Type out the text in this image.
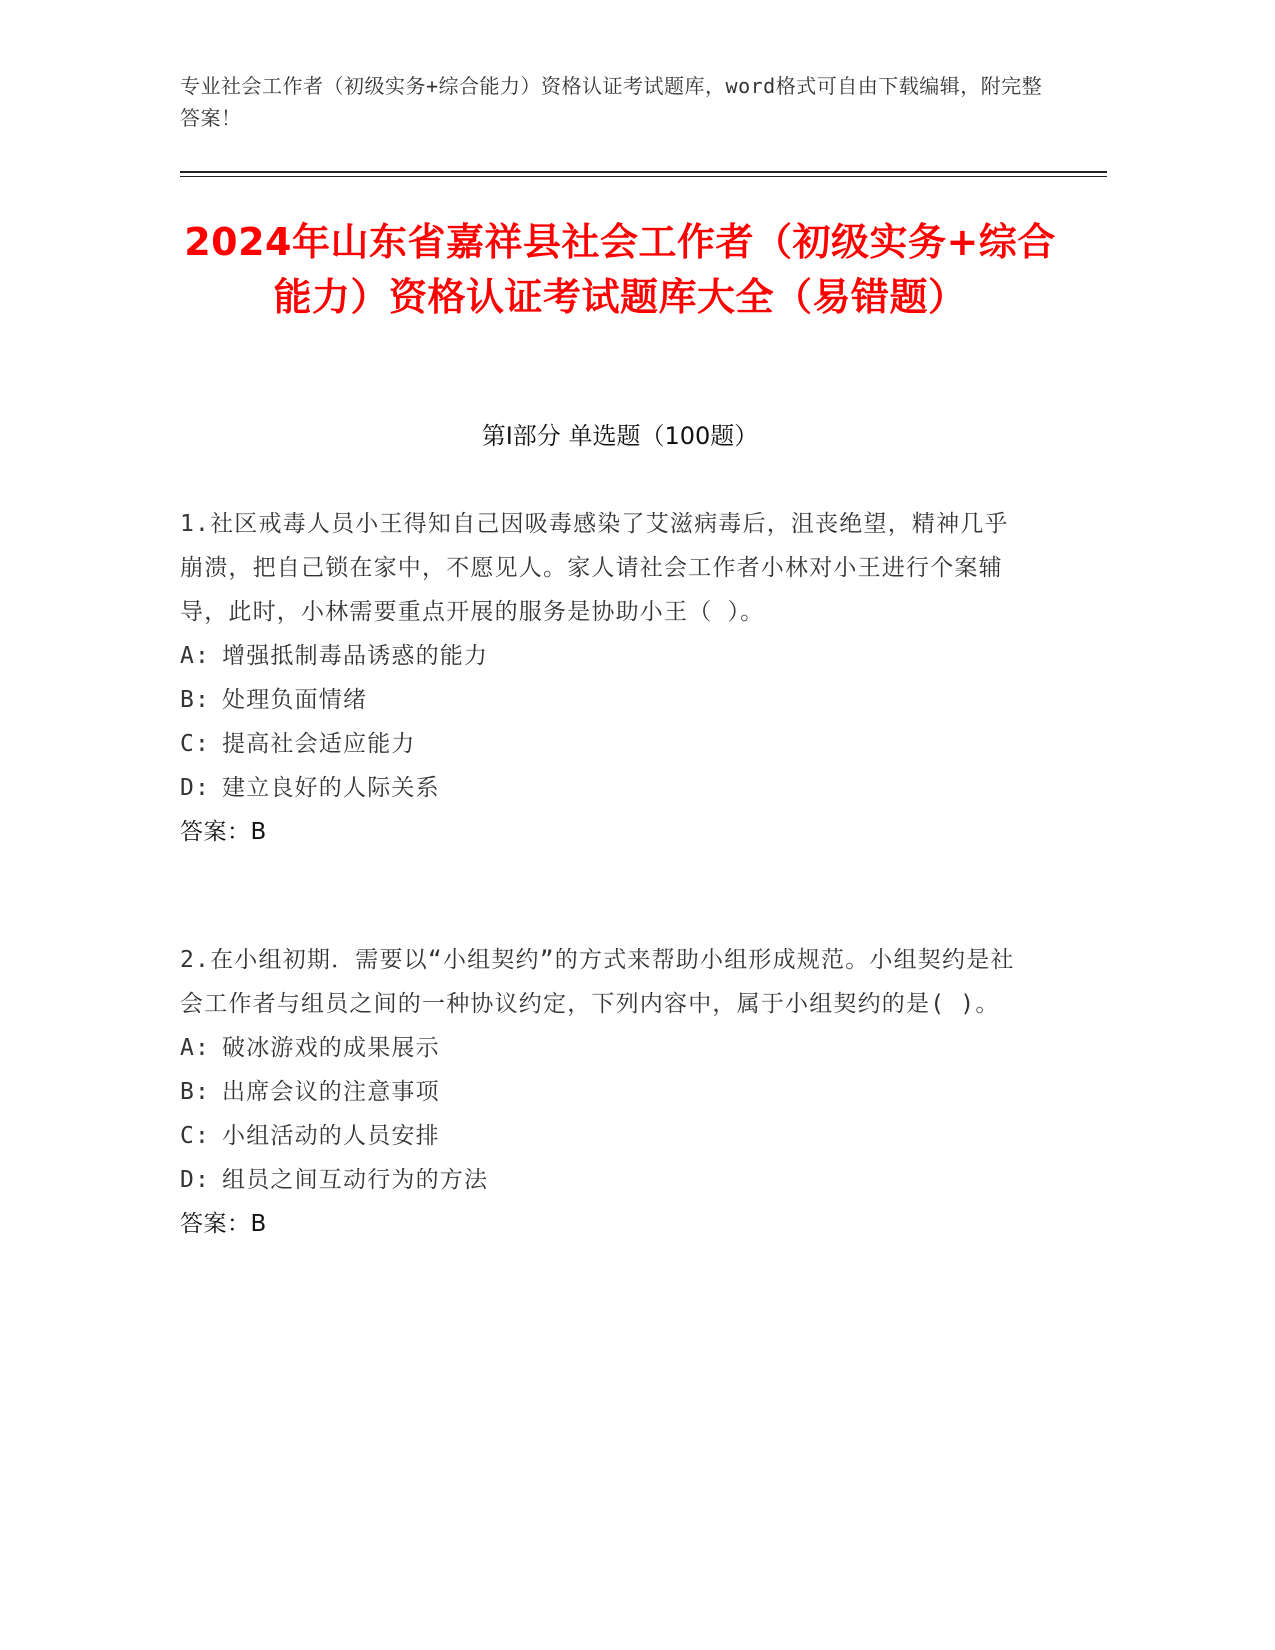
专业社会工作者（初级实务+综合能力）资格认证考试题库，word格式可自由下载编辑，附完整答案！
2024年山东省嘉祥县社会工作者（初级实务+综合能力）资格认证考试题库大全（易错题）
第I部分 单选题（100题）
1.社区戒毒人员小王得知自己因吸毒感染了艾滋病毒后，沮丧绝望，精神几乎崩溃，把自己锁在家中，不愿见人。家人请社会工作者小林对小王进行个案辅导，此时，小林需要重点开展的服务是协助小王（ ）。
A: 增强抵制毒品诱惑的能力
B: 处理负面情绪
C: 提高社会适应能力
D: 建立良好的人际关系
答案：B
2.在小组初期．需要以“小组契约”的方式来帮助小组形成规范。小组契约是社会工作者与组员之间的一种协议约定，下列内容中，属于小组契约的是( )。
A: 破冰游戏的成果展示
B: 出席会议的注意事项
C: 小组活动的人员安排
D: 组员之间互动行为的方法
答案：B
